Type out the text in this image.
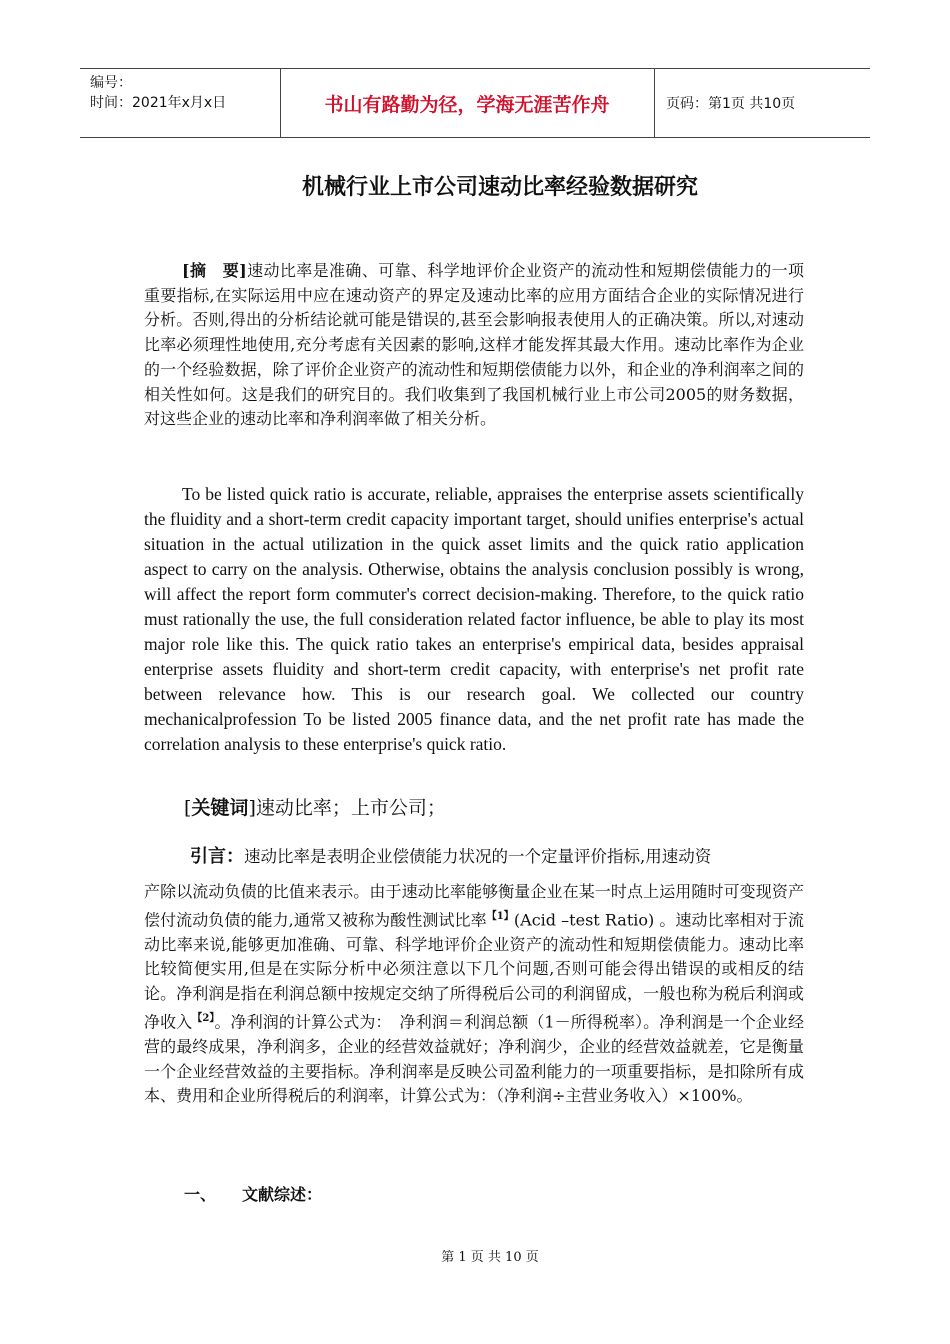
编号：
时间：2021年x月x日	书山有路勤为径，学海无涯苦作舟	页码：第1页 共10页
机械行业上市公司速动比率经验数据研究
[摘　要]速动比率是准确、可靠、科学地评价企业资产的流动性和短期偿债能力的一项重要指标,在实际运用中应在速动资产的界定及速动比率的应用方面结合企业的实际情况进行分析。否则,得出的分析结论就可能是错误的,甚至会影响报表使用人的正确决策。所以,对速动比率必须理性地使用,充分考虑有关因素的影响,这样才能发挥其最大作用。速动比率作为企业的一个经验数据，除了评价企业资产的流动性和短期偿债能力以外，和企业的净利润率之间的相关性如何。这是我们的研究目的。我们收集到了我国机械行业上市公司2005的财务数据，对这些企业的速动比率和净利润率做了相关分析。
To be listed quick ratio is accurate, reliable, appraises the enterprise assets scientifically the fluidity and a short-term credit capacity important target, should unifies enterprise's actual situation in the actual utilization in the quick asset limits and the quick ratio application aspect to carry on the analysis. Otherwise, obtains the analysis conclusion possibly is wrong, will affect the report form commuter's correct decision-making. Therefore, to the quick ratio must rationally the use, the full consideration related factor influence, be able to play its most major role like this. The quick ratio takes an enterprise's empirical data, besides appraisal enterprise assets fluidity and short-term credit capacity, with enterprise's net profit rate between relevance how. This is our research goal. We collected our country mechanicalprofession To be listed 2005 finance data, and the net profit rate has made the correlation analysis to these enterprise's quick ratio.
[关键词]速动比率；上市公司；
引言：速动比率是表明企业偿债能力状况的一个定量评价指标,用速动资
产除以流动负债的比值来表示。由于速动比率能够衡量企业在某一时点上运用随时可变现资产偿付流动负债的能力,通常又被称为酸性测试比率$^{【1】}$(Acid –test Ratio) 。速动比率相对于流动比率来说,能够更加准确、可靠、科学地评价企业资产的流动性和短期偿债能力。速动比率比较简便实用,但是在实际分析中必须注意以下几个问题,否则可能会得出错误的或相反的结论。净利润是指在利润总额中按规定交纳了所得税后公司的利润留成，一般也称为税后利润或净收入$^{【2】}$。净利润的计算公式为：　净利润＝利润总额（1－所得税率）。净利润是一个企业经营的最终成果，净利润多，企业的经营效益就好；净利润少，企业的经营效益就差，它是衡量一个企业经营效益的主要指标。净利润率是反映公司盈利能力的一项重要指标，是扣除所有成本、费用和企业所得税后的利润率，计算公式为：（净利润÷主营业务收入）×100%。
一、 文献综述：
第 1 页 共 10 页
